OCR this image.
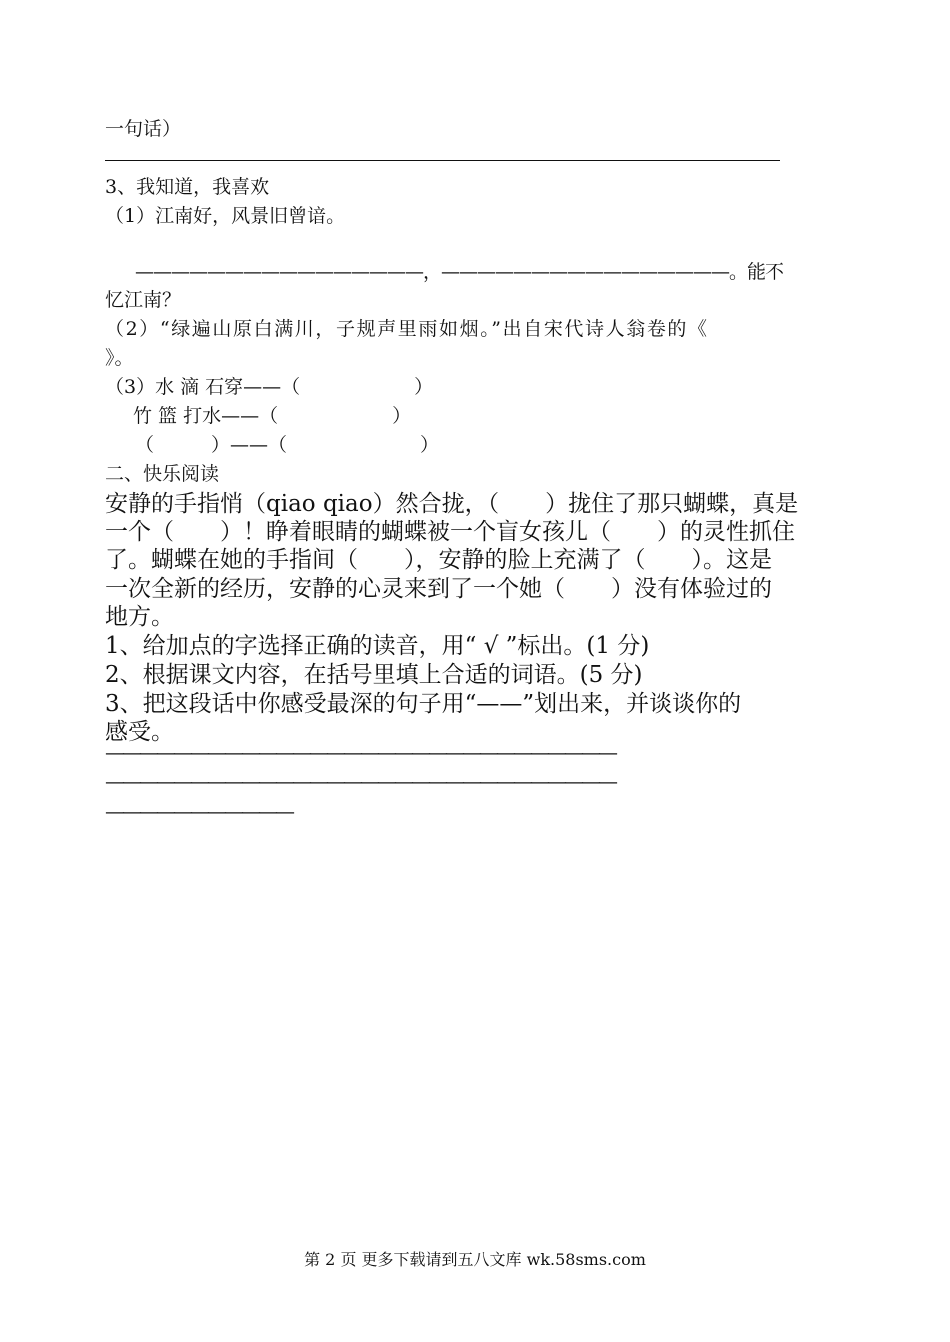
一句话）
3、我知道，我喜欢
（1）江南好，风景旧曾谙。
————————————————，————————————————。能不
忆江南？
（2）“绿遍山原白满川，子规声里雨如烟。”出自宋代诗人翁卷的《
》。
（3）水 滴 石穿——（　　　　　　）
竹 篮 打水——（　　　　　　）
（　　　）——（　　　　　　　）
二、快乐阅读
安静的手指悄（qiao qiao）然合拢，（　　）拢住了那只蝴蝶，真是
一个（　　）！睁着眼睛的蝴蝶被一个盲女孩儿（　　）的灵性抓住
了。蝴蝶在她的手指间（　　），安静的脸上充满了（　　）。这是
一次全新的经历，安静的心灵来到了一个她（　　）没有体验过的
地方。
1、给加点的字选择正确的读音，用“ √ ”标出。(1 分)
2、根据课文内容，在括号里填上合适的词语。(5 分)
3、把这段话中你感受最深的句子用“——”划出来，并谈谈你的
感受。
——————————————————————————————
——————————————————————————————
———————————
第 2 页 更多下载请到五八文库 wk.58sms.com
